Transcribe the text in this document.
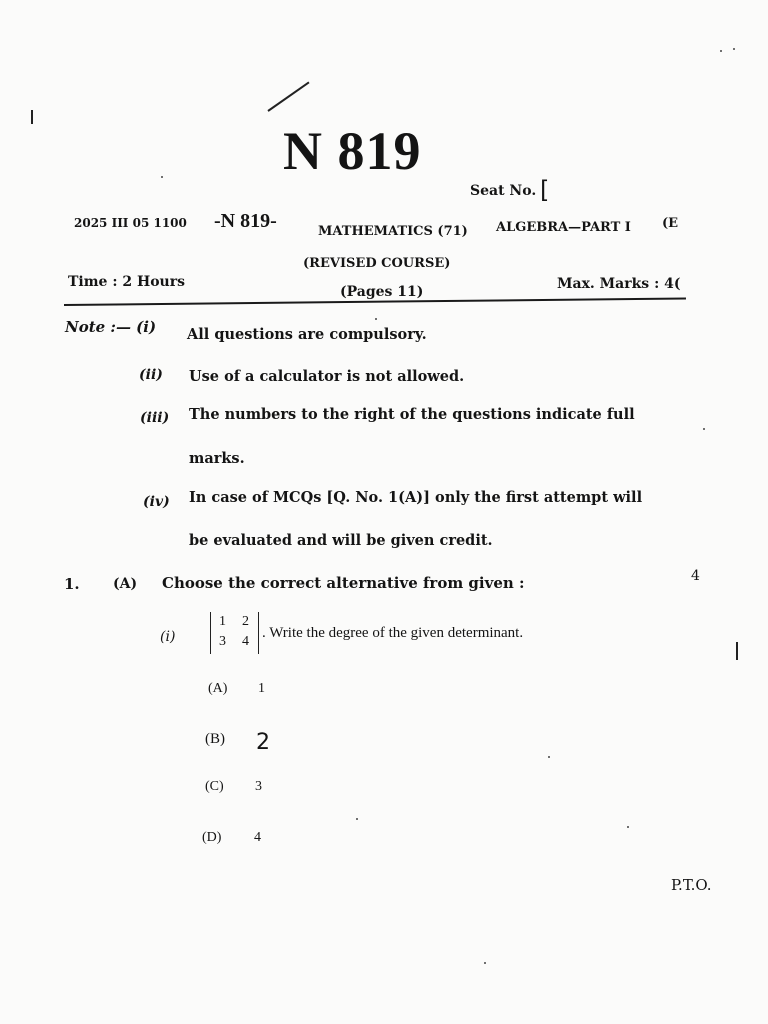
N 819
Seat No. [
2025 III 05 1100 -N 819-	MATHEMATICS (71) ALGEBRA—PART I (E
(REVISED COURSE)
Time : 2 Hours
(Pages 11)	Max. Marks : 4(
Note :— (i) All questions are compulsory.
(ii) Use of a calculator is not allowed.
(iii) The numbers to the right of the questions indicate full
marks.
(iv) In case of MCQs [Q. No. 1(A)] only the first attempt will
be evaluated and will be given credit.
1. (A) Choose the correct alternative from given :	4
(i)
1 2
3 4
. Write the degree of the given determinant.
(A) 1
(B) 2
(C) 3
(D) 4
P.T.O.
